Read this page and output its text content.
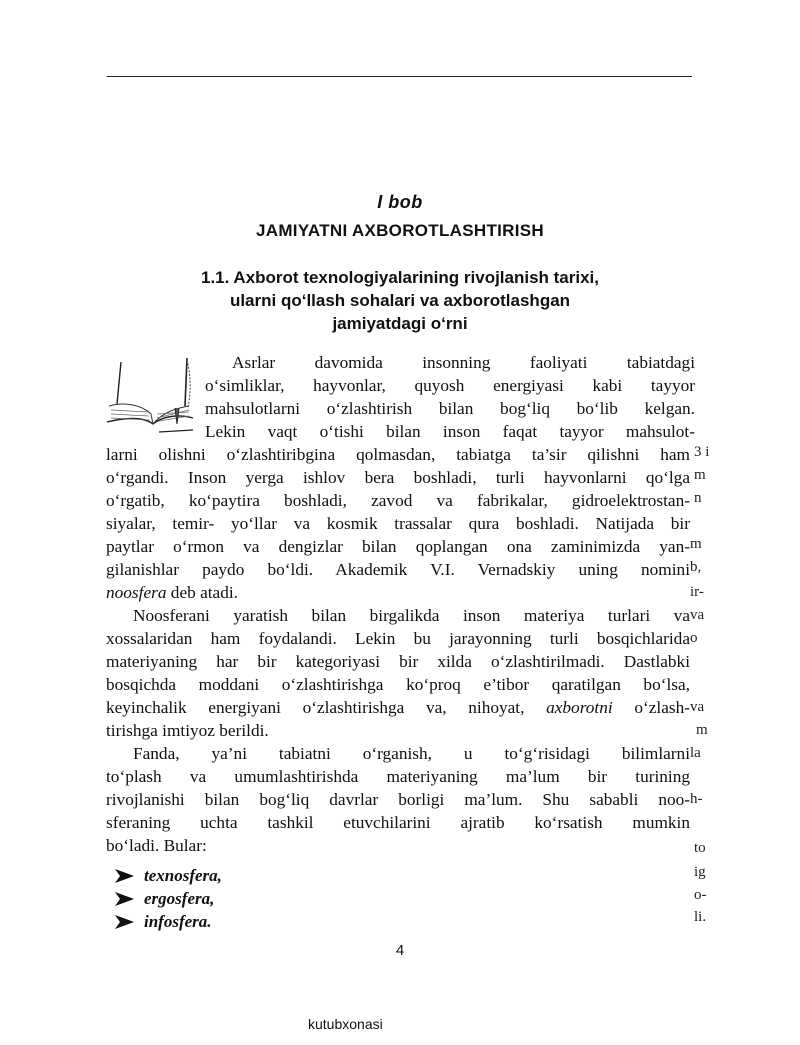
I bob
JAMIYATNI AXBOROTLASHTIRISH
1.1. Axborot texnologiyalarining rivojlanish tarixi,
ularni qo‘llash sohalari va axborotlashgan
jamiyatdagi o‘rni
Asrlar davomida insonning faoliyati tabiatdagi
o‘simliklar, hayvonlar, quyosh energiyasi kabi tayyor
mahsulotlarni o‘zlashtirish bilan bog‘liq bo‘lib kelgan.
Lekin vaqt o‘tishi bilan inson faqat tayyor mahsulot-
larni olishni o‘zlashtiribgina qolmasdan, tabiatga ta’sir qilishni ham
o‘rgandi. Inson yerga ishlov bera boshladi, turli hayvonlarni qo‘lga
o‘rgatib, ko‘paytira boshladi, zavod va fabrikalar, gidroelektrostan-
siyalar, temir- yo‘llar va kosmik trassalar qura boshladi. Natijada bir
paytlar o‘rmon va dengizlar bilan qoplangan ona zaminimizda yan-
gilanishlar paydo bo‘ldi. Akademik V.I. Vernadskiy uning nomini
noosfera deb atadi.
Noosferani yaratish bilan birgalikda inson materiya turlari va
xossalaridan ham foydalandi. Lekin bu jarayonning turli bosqichlarida
materiyaning har bir kategoriyasi bir xilda o‘zlashtirilmadi. Dastlabki
bosqichda moddani o‘zlashtirishga ko‘proq e’tibor qaratilgan bo‘lsa,
keyinchalik energiyani o‘zlashtirishga va, nihoyat, axborotni o‘zlash-
tirishga imtiyoz berildi.
Fanda, ya’ni tabiatni o‘rganish, u to‘g‘risidagi bilimlarni
to‘plash va umumlashtirishda materiyaning ma’lum bir turining
rivojlanishi bilan bog‘liq davrlar borligi ma’lum. Shu sababli noo-
sferaning uchta tashkil etuvchilarini ajratib ko‘rsatish mumkin
bo‘ladi. Bular:
3 i
m
n
m
b,
ir-
va
o
va
m
la
h-
to
ig
o-
li.
texnosfera,
ergosfera,
infosfera.
4
kutubxonasi
